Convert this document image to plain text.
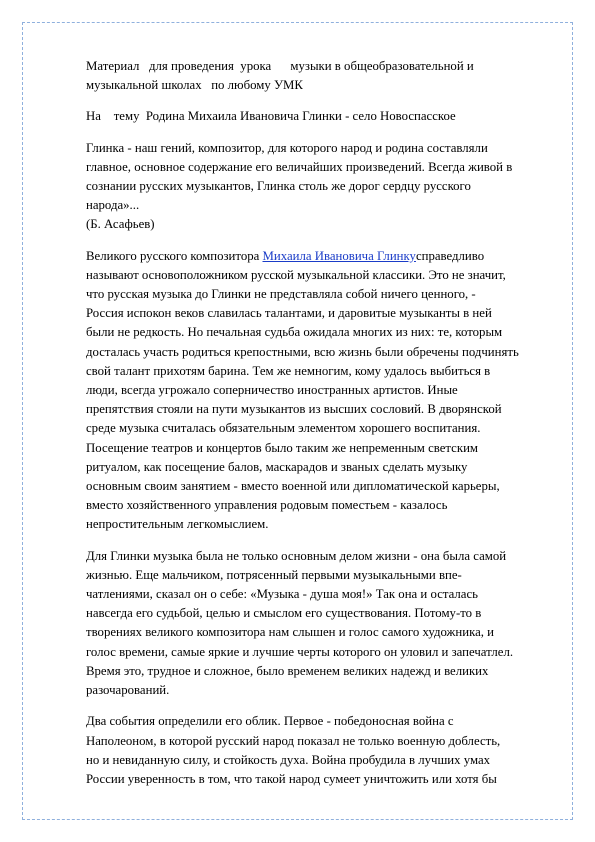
Материал   для проведения  урока      музыки в общеобразовательной и
музыкальной школах   по любому УМК

На    тему  Родина Михаила Ивановича Глинки - село Новоспасское

Глинка - наш гений, композитор, для которого народ и родина составляли
главное, основное содержание его величайших произведений. Всегда живой в
сознании русских музыкантов, Глинка столь же дорог сердцу русского
народа»...
(Б. Асафьев)

Великого русского композитора Михаила Ивановича Глинкусправедливо
называют основоположником русской музыкальной классики. Это не значит,
что русская музыка до Глинки не представляла собой ничего ценного, -
Россия испокон веков славилась талантами, и даровитые музыканты в ней
были не редкость. Но печальная судьба ожидала многих из них: те, которым
досталась участь родиться крепостными, всю жизнь были обречены подчинять
свой талант прихотям барина. Тем же немногим, кому удалось выбиться в
люди, всегда угрожало соперничество иностранных артистов. Иные
препятствия стояли на пути музыкантов из высших сословий. В дворянской
среде музыка считалась обязательным элементом хорошего воспитания.
Посещение театров и концертов было таким же непременным светским
ритуалом, как посещение балов, маскарадов и званых сделать музыку
основным своим занятием - вместо военной или дипломатической карьеры,
вместо хозяйственного управления родовым поместьем - казалось
непростительным легкомыслием.

Для Глинки музыка была не только основным делом жизни - она была самой
жизнью. Еще мальчиком, потрясенный первыми музыкальными впе-
чатлениями, сказал он о себе: «Музыка - душа моя!» Так она и осталась
навсегда его судьбой, целью и смыслом его существования. Потому-то в
творениях великого композитора нам слышен и голос самого художника, и
голос времени, самые яркие и лучшие черты которого он уловил и запечатлел.
Время это, трудное и сложное, было временем великих надежд и великих
разочарований.

Два события определили его облик. Первое - победоносная война с
Наполеоном, в которой русский народ показал не только военную доблесть,
но и невиданную силу, и стойкость духа. Война пробудила в лучших умах
России уверенность в том, что такой народ сумеет уничтожить или хотя бы
